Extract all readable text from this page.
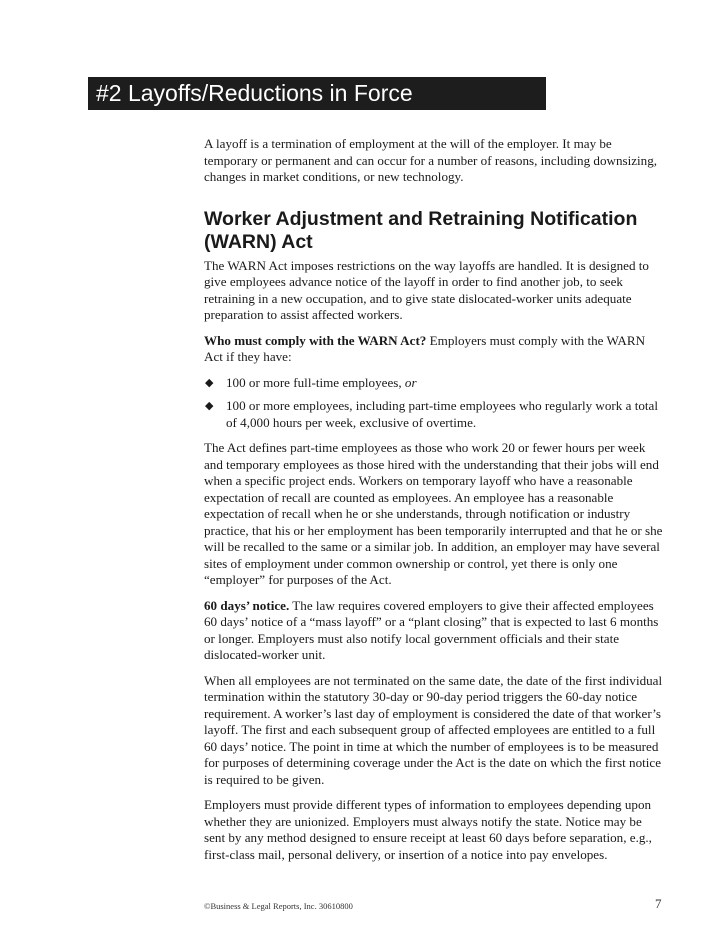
#2 Layoffs/Reductions in Force

A layoff is a termination of employment at the will of the employer. It may be temporary or permanent and can occur for a number of reasons, including downsizing, changes in market conditions, or new technology.

Worker Adjustment and Retraining Notification (WARN) Act

The WARN Act imposes restrictions on the way layoffs are handled. It is designed to give employees advance notice of the layoff in order to find another job, to seek retraining in a new occupation, and to give state dislocated-worker units adequate preparation to assist affected workers.

Who must comply with the WARN Act? Employers must comply with the WARN Act if they have:

◆ 100 or more full-time employees, or
◆ 100 or more employees, including part-time employees who regularly work a total of 4,000 hours per week, exclusive of overtime.

The Act defines part-time employees as those who work 20 or fewer hours per week and temporary employees as those hired with the understanding that their jobs will end when a specific project ends. Workers on temporary layoff who have a reasonable expectation of recall are counted as employees. An employee has a reasonable expectation of recall when he or she understands, through notification or industry practice, that his or her employment has been temporarily interrupted and that he or she will be recalled to the same or a similar job. In addition, an employer may have several sites of employment under common ownership or control, yet there is only one “employer” for purposes of the Act.

60 days’ notice. The law requires covered employers to give their affected employees 60 days’ notice of a “mass layoff” or a “plant closing” that is expected to last 6 months or longer. Employers must also notify local government officials and their state dislocated-worker unit.

When all employees are not terminated on the same date, the date of the first individual termination within the statutory 30-day or 90-day period triggers the 60-day notice requirement. A worker’s last day of employment is considered the date of that worker’s layoff. The first and each subsequent group of affected employees are entitled to a full 60 days’ notice. The point in time at which the number of employees is to be measured for purposes of determining coverage under the Act is the date on which the first notice is required to be given.

Employers must provide different types of information to employees depending upon whether they are unionized. Employers must always notify the state. Notice may be sent by any method designed to ensure receipt at least 60 days before separation, e.g., first-class mail, personal delivery, or insertion of a notice into pay envelopes.

©Business & Legal Reports, Inc. 30610800	7
